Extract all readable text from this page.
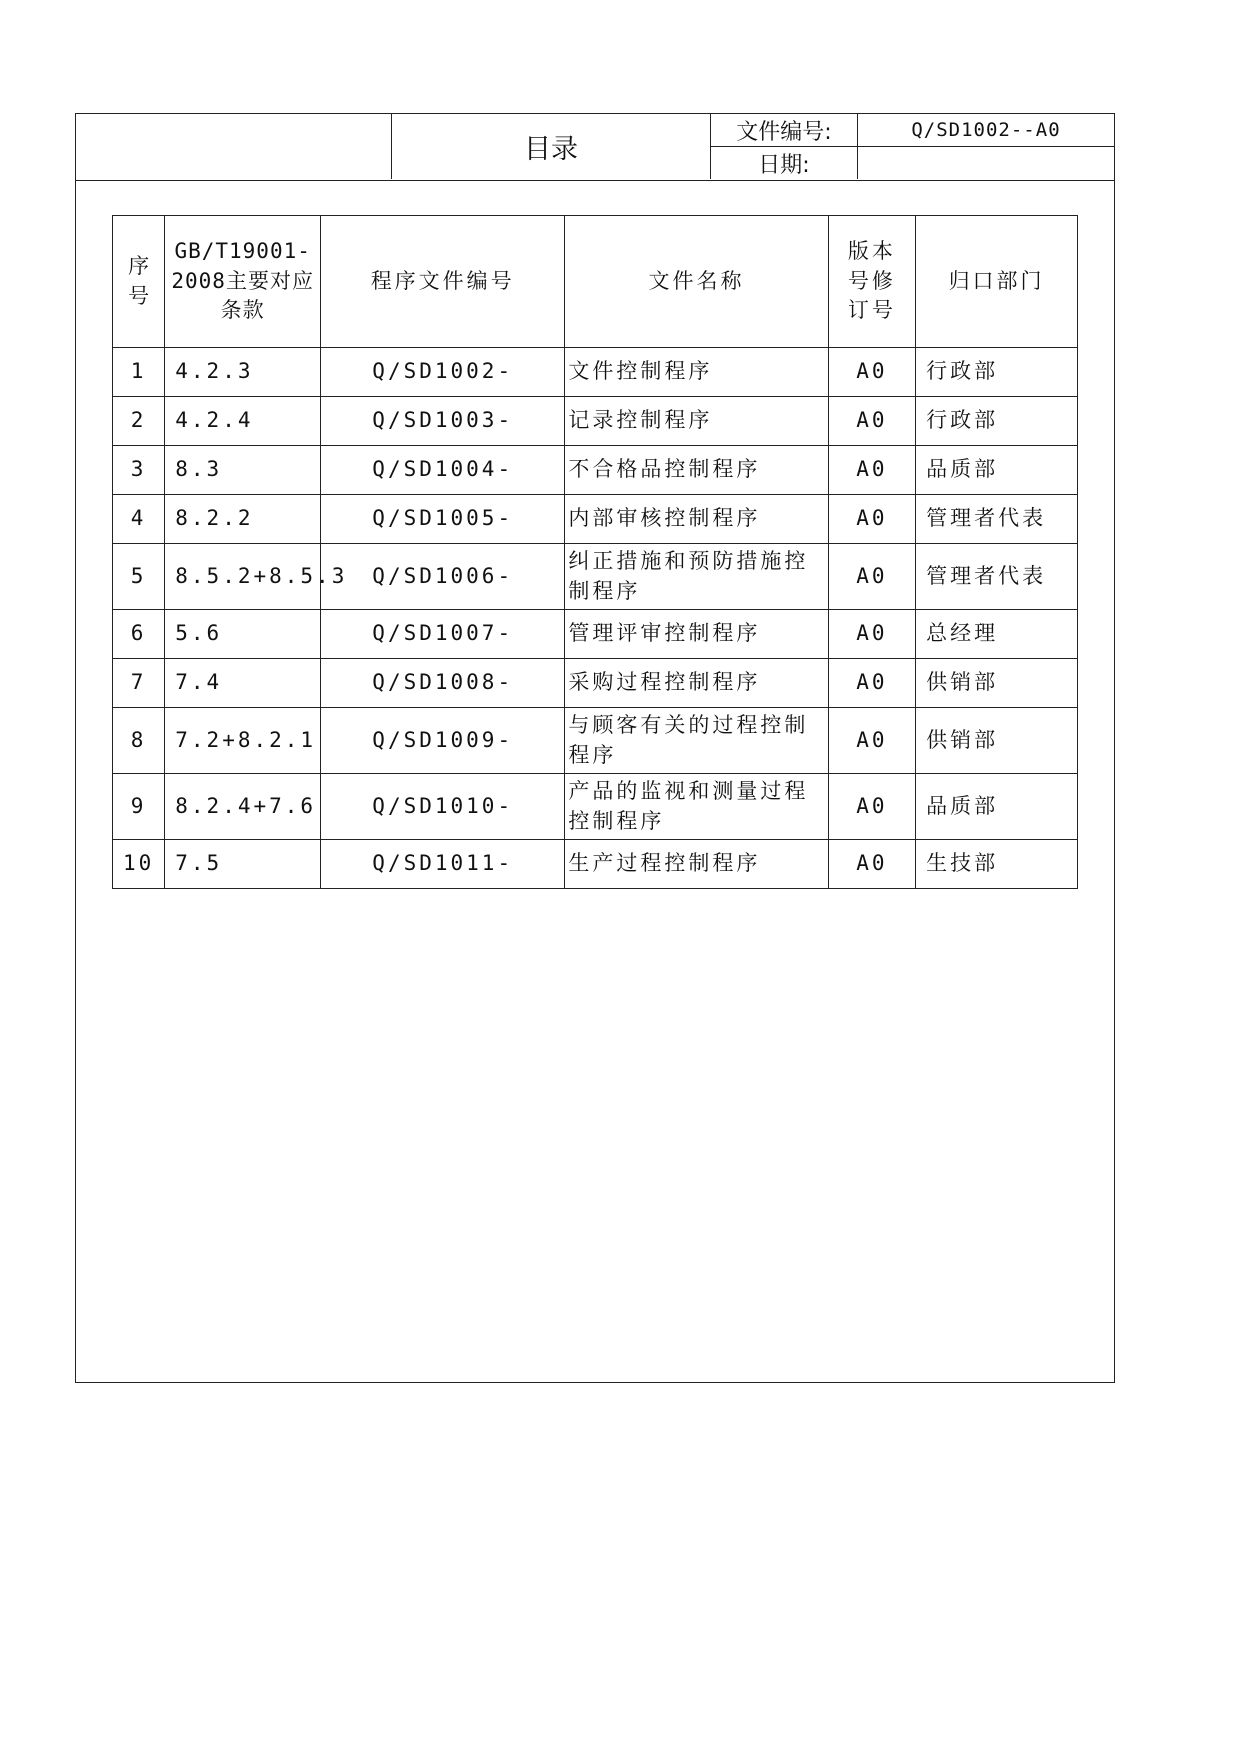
目录
文件编号:	Q/SD1002--A0
日期:
序号	GB/T19001-2008主要对应条款	程序文件编号	文件名称	版本号修订号	归口部门
1	4.2.3	Q/SD1002-	文件控制程序	A0	行政部
2	4.2.4	Q/SD1003-	记录控制程序	A0	行政部
3	8.3	Q/SD1004-	不合格品控制程序	A0	品质部
4	8.2.2	Q/SD1005-	内部审核控制程序	A0	管理者代表
5	8.5.2+8.5.3	Q/SD1006-	纠正措施和预防措施控制程序	A0	管理者代表
6	5.6	Q/SD1007-	管理评审控制程序	A0	总经理
7	7.4	Q/SD1008-	采购过程控制程序	A0	供销部
8	7.2+8.2.1	Q/SD1009-	与顾客有关的过程控制程序	A0	供销部
9	8.2.4+7.6	Q/SD1010-	产品的监视和测量过程控制程序	A0	品质部
10	7.5	Q/SD1011-	生产过程控制程序	A0	生技部
